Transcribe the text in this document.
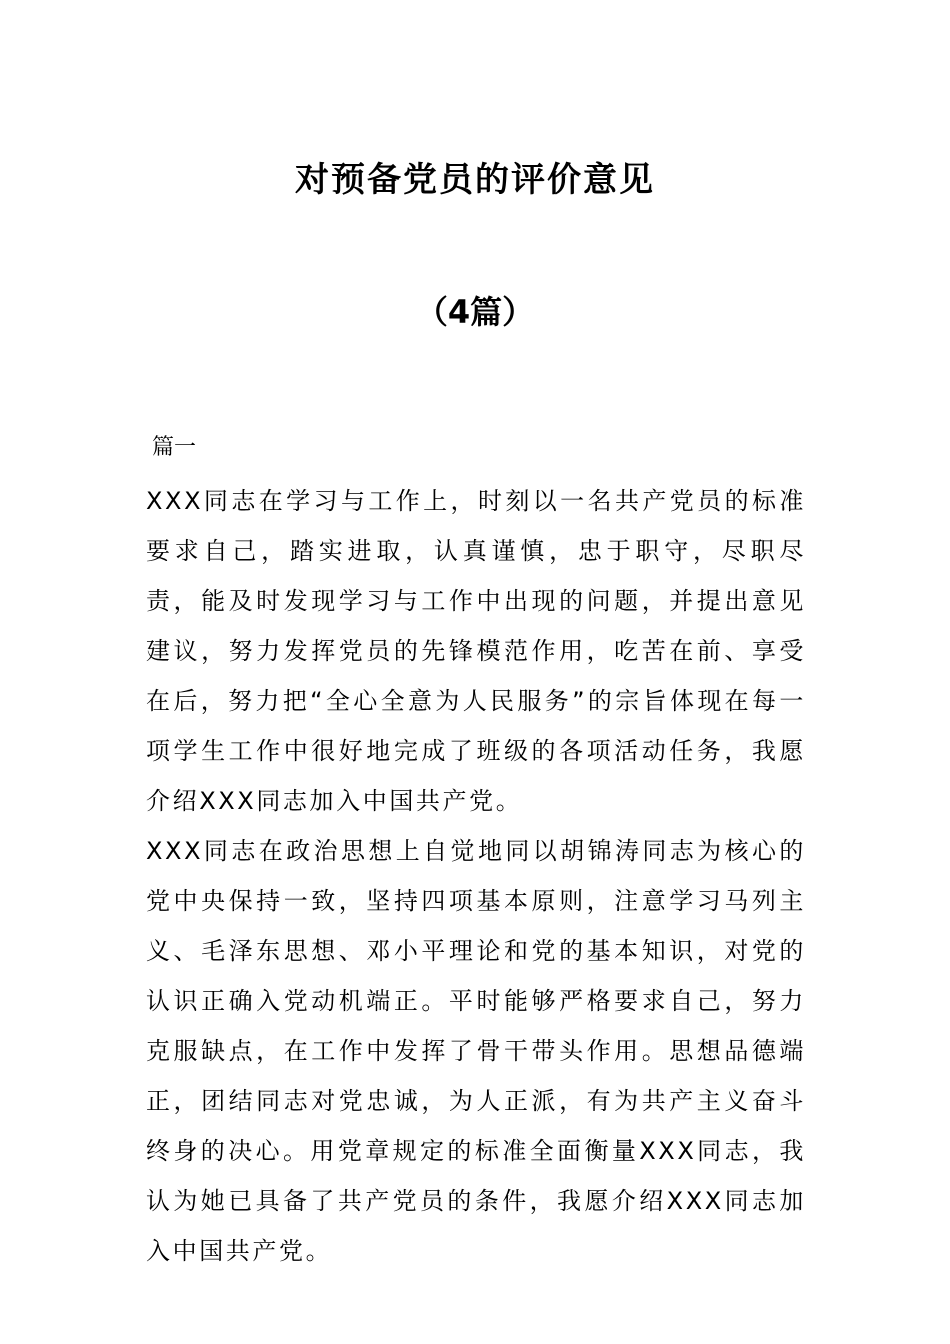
对预备党员的评价意见
（4篇）
篇一

XXX同志在学习与工作上，时刻以一名共产党员的标准要求自己，踏实进取，认真谨慎，忠于职守，尽职尽责，能及时发现学习与工作中出现的问题，并提出意见建议，努力发挥党员的先锋模范作用，吃苦在前、享受在后，努力把“全心全意为人民服务”的宗旨体现在每一项学生工作中很好地完成了班级的各项活动任务，我愿介绍XXX同志加入中国共产党。

XXX同志在政治思想上自觉地同以胡锦涛同志为核心的党中央保持一致，坚持四项基本原则，注意学习马列主义、毛泽东思想、邓小平理论和党的基本知识，对党的认识正确入党动机端正。平时能够严格要求自己，努力克服缺点，在工作中发挥了骨干带头作用。思想品德端正，团结同志对党忠诚，为人正派，有为共产主义奋斗终身的决心。用党章规定的标准全面衡量XXX同志，我认为她已具备了共产党员的条件，我愿介绍XXX同志加入中国共产党。
